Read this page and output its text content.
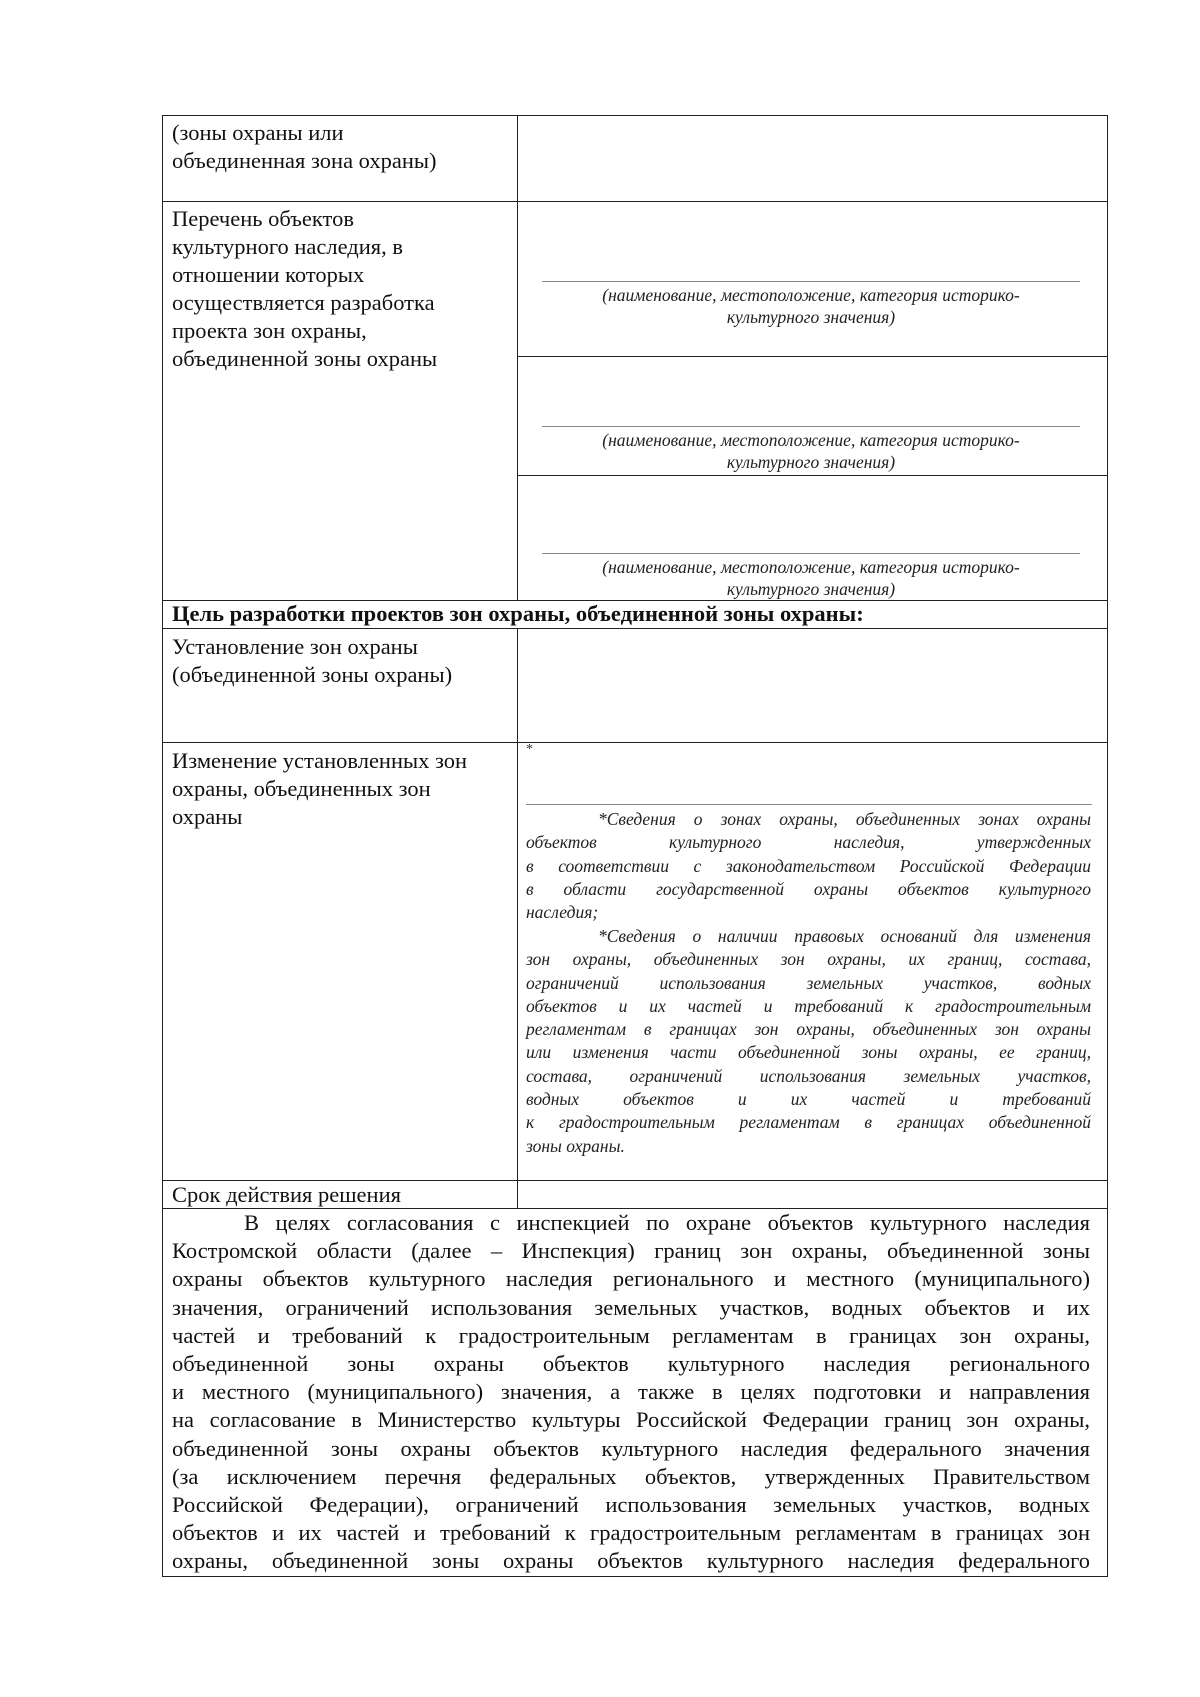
(зоны охраны или
объединенная зона охраны)
Перечень объектов
культурного наследия, в
отношении которых
осуществляется разработка
проекта зон охраны,
объединенной зоны охраны
(наименование, местоположение, категория историко-
культурного значения)
(наименование, местоположение, категория историко-
культурного значения)
(наименование, местоположение, категория историко-
культурного значения)
Цель разработки проектов зон охраны, объединенной зоны охраны:
Установление зон охраны
(объединенной зоны охраны)
Изменение установленных зон
охраны, объединенных зон
охраны
*
*Сведения о зонах охраны, объединенных зонах охраны
объектов культурного наследия, утвержденных
в соответствии с законодательством Российской Федерации
в области государственной охраны объектов культурного
наследия;
*Сведения о наличии правовых оснований для изменения
зон охраны, объединенных зон охраны, их границ, состава,
ограничений использования земельных участков, водных
объектов и их частей и требований к градостроительным
регламентам в границах зон охраны, объединенных зон охраны
или изменения части объединенной зоны охраны, ее границ,
состава, ограничений использования земельных участков,
водных объектов и их частей и требований
к градостроительным регламентам в границах объединенной
зоны охраны.
Срок действия решения
В целях согласования с инспекцией по охране объектов культурного наследия
Костромской области (далее – Инспекция) границ зон охраны, объединенной зоны
охраны объектов культурного наследия регионального и местного (муниципального)
значения, ограничений использования земельных участков, водных объектов и их
частей и требований к градостроительным регламентам в границах зон охраны,
объединенной зоны охраны объектов культурного наследия регионального
и местного (муниципального) значения, а также в целях подготовки и направления
на согласование в Министерство культуры Российской Федерации границ зон охраны,
объединенной зоны охраны объектов культурного наследия федерального значения
(за исключением перечня федеральных объектов, утвержденных Правительством
Российской Федерации), ограничений использования земельных участков, водных
объектов и их частей и требований к градостроительным регламентам в границах зон
охраны, объединенной зоны охраны объектов культурного наследия федерального
